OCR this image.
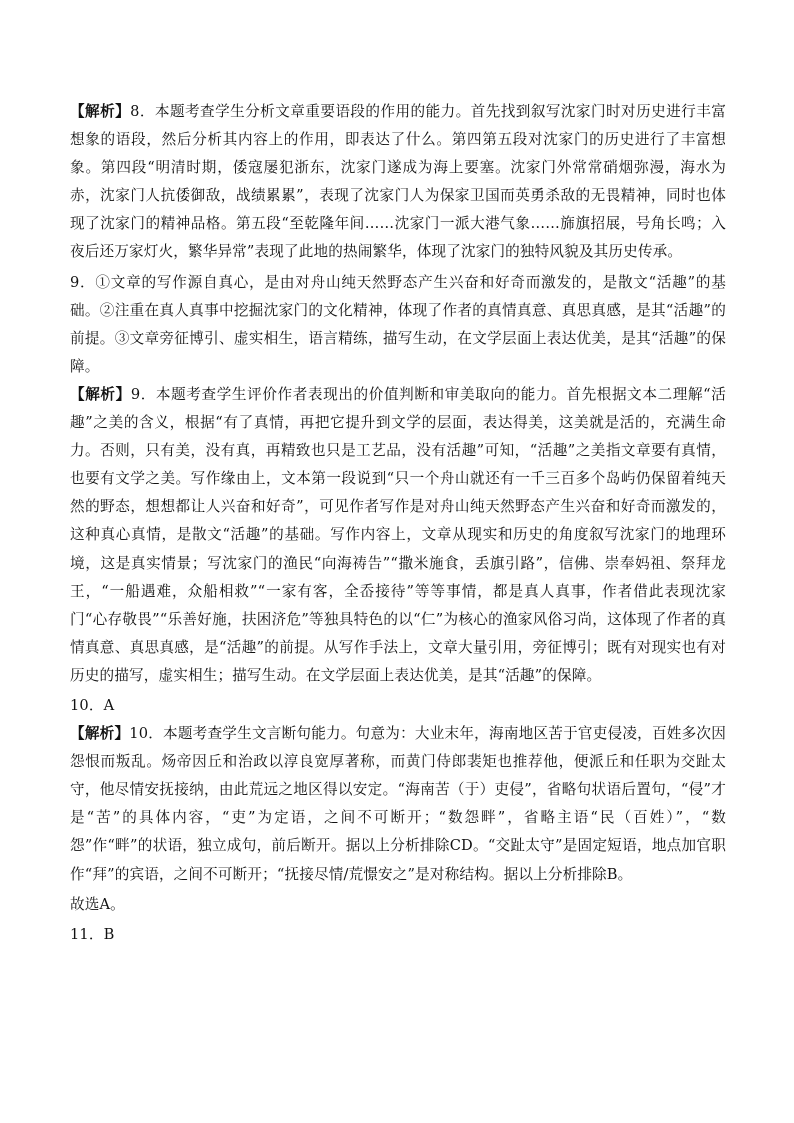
【解析】8．本题考查学生分析文章重要语段的作用的能力。首先找到叙写沈家门时对历史进行丰富想象的语段，然后分析其内容上的作用，即表达了什么。第四第五段对沈家门的历史进行了丰富想象。第四段“明清时期，倭寇屡犯浙东，沈家门遂成为海上要塞。沈家门外常常硝烟弥漫，海水为赤，沈家门人抗倭御敌，战绩累累”，表现了沈家门人为保家卫国而英勇杀敌的无畏精神，同时也体现了沈家门的精神品格。第五段“至乾隆年间……沈家门一派大港气象……旆旗招展，号角长鸣；入夜后还万家灯火，繁华异常”表现了此地的热闹繁华，体现了沈家门的独特风貌及其历史传承。

9．①文章的写作源自真心，是由对舟山纯天然野态产生兴奋和好奇而激发的，是散文“活趣”的基础。②注重在真人真事中挖掘沈家门的文化精神，体现了作者的真情真意、真思真感，是其“活趣”的前提。③文章旁征博引、虚实相生，语言精练，描写生动，在文学层面上表达优美，是其“活趣”的保障。

【解析】9．本题考查学生评价作者表现出的价值判断和审美取向的能力。首先根据文本二理解“活趣”之美的含义，根据“有了真情，再把它提升到文学的层面，表达得美，这美就是活的，充满生命力。否则，只有美，没有真，再精致也只是工艺品，没有活趣”可知，“活趣”之美指文章要有真情，也要有文学之美。写作缘由上，文本第一段说到“只一个舟山就还有一千三百多个岛屿仍保留着纯天然的野态，想想都让人兴奋和好奇”，可见作者写作是对舟山纯天然野态产生兴奋和好奇而激发的，这种真心真情，是散文“活趣”的基础。写作内容上，文章从现实和历史的角度叙写沈家门的地理环境，这是真实情景；写沈家门的渔民“向海祷告”“撒米施食，丢旗引路”，信佛、崇奉妈祖、祭拜龙王，“一船遇难，众船相救”“一家有客，全岙接待”等等事情，都是真人真事，作者借此表现沈家门“心存敬畏”“乐善好施，扶困济危”等独具特色的以“仁”为核心的渔家风俗习尚，这体现了作者的真情真意、真思真感，是“活趣”的前提。从写作手法上，文章大量引用，旁征博引；既有对现实也有对历史的描写，虚实相生；描写生动。在文学层面上表达优美，是其“活趣”的保障。

10．A

【解析】10．本题考查学生文言断句能力。句意为：大业末年，海南地区苦于官吏侵凌，百姓多次因怨恨而叛乱。炀帝因丘和治政以淳良宽厚著称，而黄门侍郎裴矩也推荐他，便派丘和任职为交趾太守，他尽情安抚接纳，由此荒远之地区得以安定。“海南苦（于）吏侵”，省略句状语后置句，“侵”才是“苦”的具体内容，“吏”为定语，之间不可断开；“数怨畔”，省略主语“民（百姓）”，“数怨”作“畔”的状语，独立成句，前后断开。据以上分析排除CD。“交趾太守”是固定短语，地点加官职作“拜”的宾语，之间不可断开；“抚接尽情/荒憬安之”是对称结构。据以上分析排除B。

故选A。

11．B
